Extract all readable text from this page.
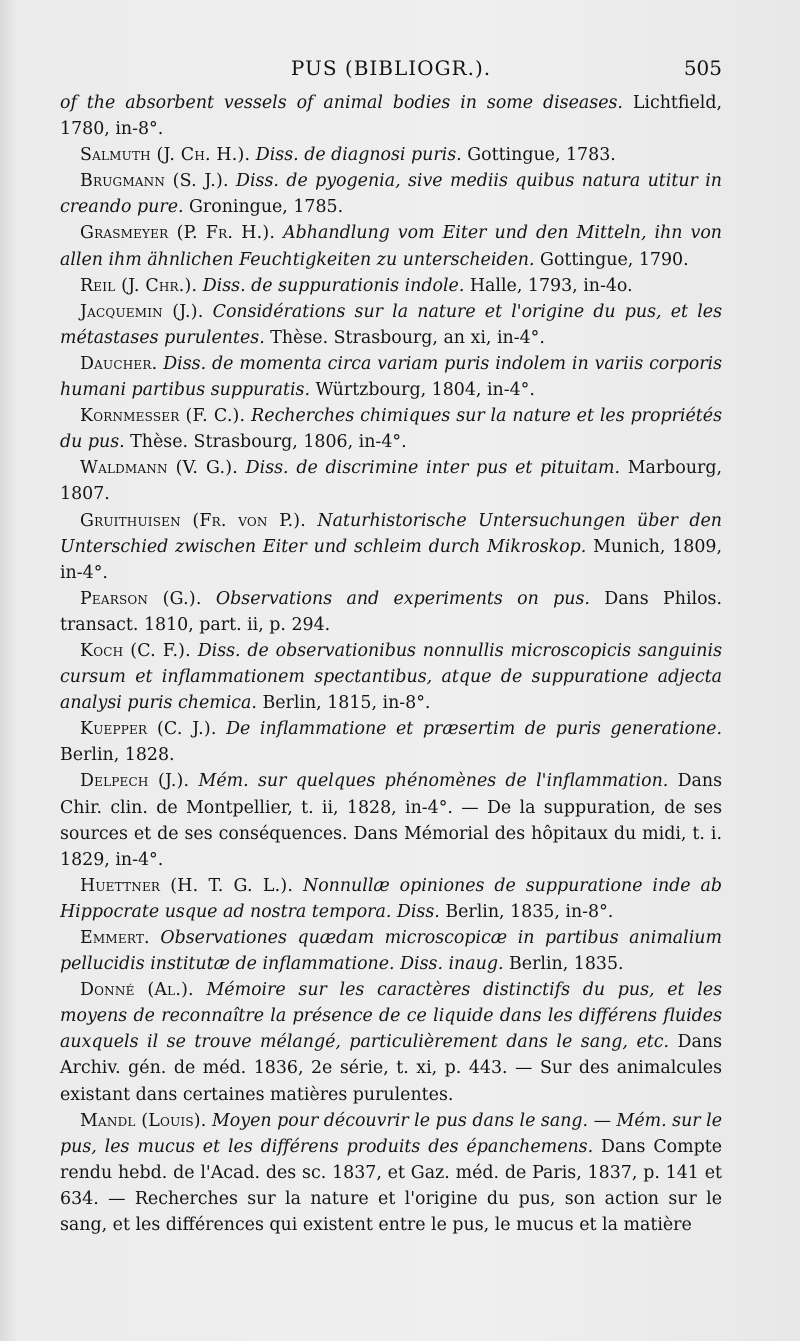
PUS (BIBLIOGR.).	505

of the absorbent vessels of animal bodies in some diseases. Lichtfield, 1780, in-8°.

Salmuth (J. Ch. H.). Diss. de diagnosi puris. Gottingue, 1783.

Brugmann (S. J.). Diss. de pyogenia, sive mediis quibus natura utitur in creando pure. Groningue, 1785.

Grasmeyer (P. Fr. H.). Abhandlung vom Eiter und den Mitteln, ihn von allen ihm ähnlichen Feuchtigkeiten zu unterscheiden. Gottingue, 1790.

Reil (J. Chr.). Diss. de suppurationis indole. Halle, 1793, in-4o.

Jacquemin (J.). Considérations sur la nature et l'origine du pus, et les métastases purulentes. Thèse. Strasbourg, an xi, in-4°.

Daucher. Diss. de momenta circa variam puris indolem in variis corporis humani partibus suppuratis. Würtzbourg, 1804, in-4°.

Kornmesser (F. C.). Recherches chimiques sur la nature et les propriétés du pus. Thèse. Strasbourg, 1806, in-4°.

Waldmann (V. G.). Diss. de discrimine inter pus et pituitam. Marbourg, 1807.

Gruithuisen (Fr. von P.). Naturhistorische Untersuchungen über den Unterschied zwischen Eiter und schleim durch Mikroskop. Munich, 1809, in-4°.

Pearson (G.). Observations and experiments on pus. Dans Philos. transact. 1810, part. ii, p. 294.

Koch (C. F.). Diss. de observationibus nonnullis microscopicis sanguinis cursum et inflammationem spectantibus, atque de suppuratione adjecta analysi puris chemica. Berlin, 1815, in-8°.

Kuepper (C. J.). De inflammatione et præsertim de puris generatione. Berlin, 1828.

Delpech (J.). Mém. sur quelques phénomènes de l'inflammation. Dans Chir. clin. de Montpellier, t. ii, 1828, in-4°. — De la suppuration, de ses sources et de ses conséquences. Dans Mémorial des hôpitaux du midi, t. i. 1829, in-4°.

Huettner (H. T. G. L.). Nonnullæ opiniones de suppuratione inde ab Hippocrate usque ad nostra tempora. Diss. Berlin, 1835, in-8°.

Emmert. Observationes quædam microscopicæ in partibus animalium pellucidis institutæ de inflammatione. Diss. inaug. Berlin, 1835.

Donné (Al.). Mémoire sur les caractères distinctifs du pus, et les moyens de reconnaître la présence de ce liquide dans les différens fluides auxquels il se trouve mélangé, particulièrement dans le sang, etc. Dans Archiv. gén. de méd. 1836, 2e série, t. xi, p. 443. — Sur des animalcules existant dans certaines matières purulentes.

Mandl (Louis). Moyen pour découvrir le pus dans le sang. — Mém. sur le pus, les mucus et les différens produits des épanchemens. Dans Compte rendu hebd. de l'Acad. des sc. 1837, et Gaz. méd. de Paris, 1837, p. 141 et 634. — Recherches sur la nature et l'origine du pus, son action sur le sang, et les différences qui existent entre le pus, le mucus et la matière
